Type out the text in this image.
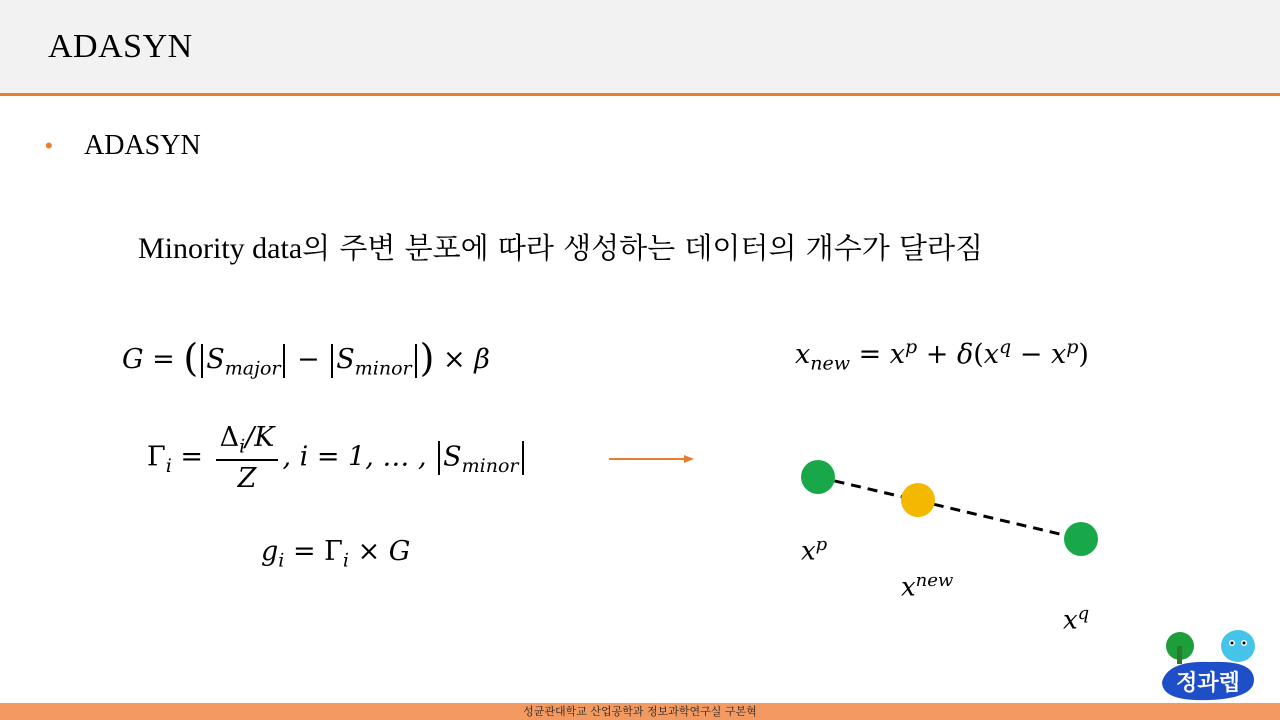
ADASYN
• ADASYN
Minority data의 주변 분포에 따라 생성하는 데이터의 개수가 달라짐
G = ( $S_{major} - S_{minor}$ ) × β
$\Gamma_i = \frac{\Delta_i/K}{Z}$ , i = 1, … , $S_{minor}$
$g_i = \Gamma_i \times G$
$x_{new} = x^p + \delta(x^q - x^p)$
$x^p$
$x^{new}$
$x^q$
정과렙
성균관대학교 산업공학과 정보과학연구실 구본혁
